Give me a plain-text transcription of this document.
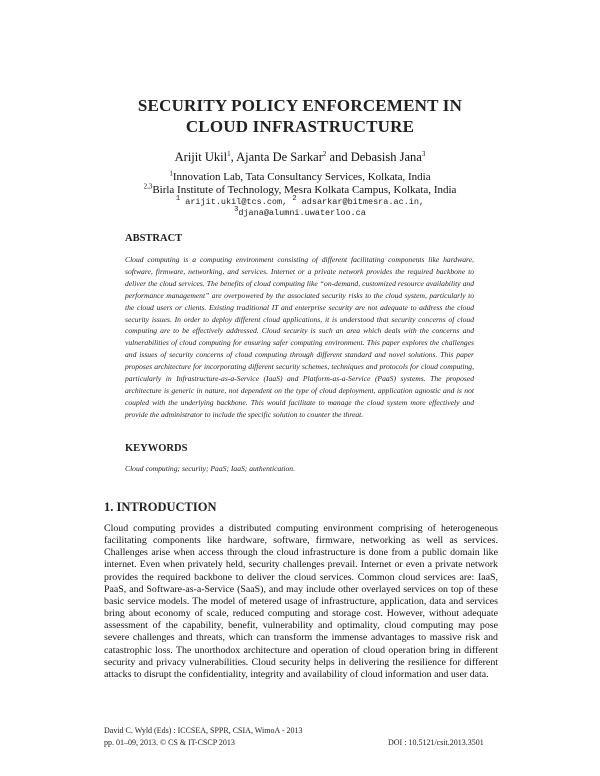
SECURITY POLICY ENFORCEMENT IN
CLOUD INFRASTRUCTURE
Arijit Ukil$^1$, Ajanta De Sarkar$^2$ and Debasish Jana$^3$
$^1$Innovation Lab, Tata Consultancy Services, Kolkata, India
$^{2,3}$Birla Institute of Technology, Mesra Kolkata Campus, Kolkata, India
$^1$ arijit.ukil@tcs.com, $^2$ adsarkar@bitmesra.ac.in,
$^3$djana@alumni.uwaterloo.ca
ABSTRACT
Cloud computing is a computing environment consisting of different facilitating components like hardware, software, firmware, networking, and services. Internet or a private network provides the required backbone to deliver the cloud services. The benefits of cloud computing like “on-demand, customized resource availability and performance management” are overpowered by the associated security risks to the cloud system, particularly to the cloud users or clients. Existing traditional IT and enterprise security are not adequate to address the cloud security issues. In order to deploy different cloud applications, it is understood that security concerns of cloud computing are to be effectively addressed. Cloud security is such an area which deals with the concerns and vulnerabilities of cloud computing for ensuring safer computing environment. This paper explores the challenges and issues of security concerns of cloud computing through different standard and novel solutions. This paper proposes architecture for incorporating different security schemes, techniques and protocols for cloud computing, particularly in Infrastructure-as-a-Service (IaaS) and Platform-as-a-Service (PaaS) systems. The proposed architecture is generic in nature, not dependent on the type of cloud deployment, application agnostic and is not coupled with the underlying backbone. This would facilitate to manage the cloud system more effectively and provide the administrator to include the specific solution to counter the threat.
KEYWORDS
Cloud computing; security; PaaS; IaaS; authentication.
1. INTRODUCTION
Cloud computing provides a distributed computing environment comprising of heterogeneous facilitating components like hardware, software, firmware, networking as well as services. Challenges arise when access through the cloud infrastructure is done from a public domain like internet. Even when privately held, security challenges prevail. Internet or even a private network provides the required backbone to deliver the cloud services. Common cloud services are: IaaS, PaaS, and Software-as-a-Service (SaaS), and may include other overlayed services on top of these basic service models. The model of metered usage of infrastructure, application, data and services bring about economy of scale, reduced computing and storage cost. However, without adequate assessment of the capability, benefit, vulnerability and optimality, cloud computing may pose severe challenges and threats, which can transform the immense advantages to massive risk and catastrophic loss. The unorthodox architecture and operation of cloud operation bring in different security and privacy vulnerabilities. Cloud security helps in delivering the resilience for different attacks to disrupt the confidentiality, integrity and availability of cloud information and user data.
David C. Wyld (Eds) : ICCSEA, SPPR, CSIA, WimoA - 2013
pp. 01–09, 2013. © CS & IT-CSCP 2013	DOI : 10.5121/csit.2013.3501
